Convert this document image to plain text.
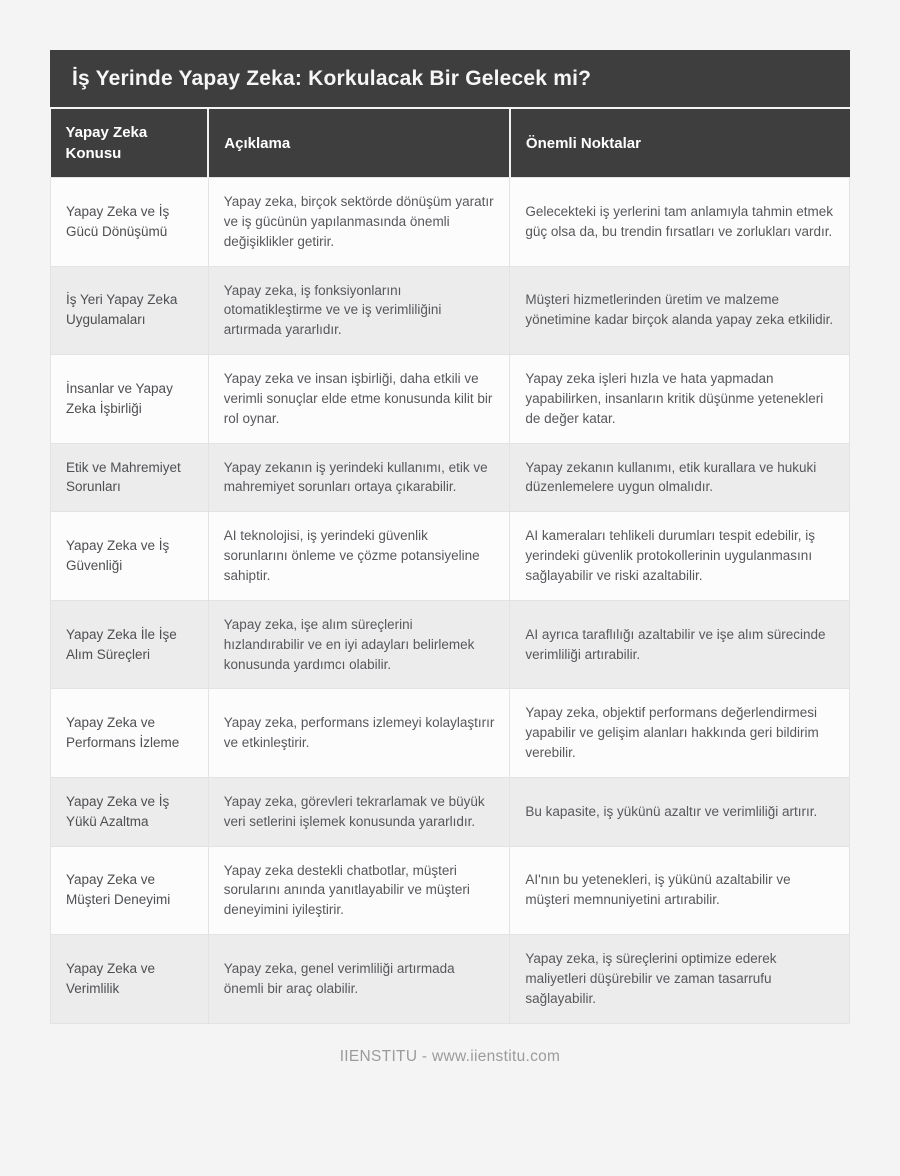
İş Yerinde Yapay Zeka: Korkulacak Bir Gelecek mi?
Yapay Zeka Konusu	Açıklama	Önemli Noktalar
Yapay Zeka ve İş Gücü Dönüşümü	Yapay zeka, birçok sektörde dönüşüm yaratır ve iş gücünün yapılanmasında önemli değişiklikler getirir.	Gelecekteki iş yerlerini tam anlamıyla tahmin etmek güç olsa da, bu trendin fırsatları ve zorlukları vardır.
İş Yeri Yapay Zeka Uygulamaları	Yapay zeka, iş fonksiyonlarını otomatikleştirme ve ve iş verimliliğini artırmada yararlıdır.	Müşteri hizmetlerinden üretim ve malzeme yönetimine kadar birçok alanda yapay zeka etkilidir.
İnsanlar ve Yapay Zeka İşbirliği	Yapay zeka ve insan işbirliği, daha etkili ve verimli sonuçlar elde etme konusunda kilit bir rol oynar.	Yapay zeka işleri hızla ve hata yapmadan yapabilirken, insanların kritik düşünme yetenekleri de değer katar.
Etik ve Mahremiyet Sorunları	Yapay zekanın iş yerindeki kullanımı, etik ve mahremiyet sorunları ortaya çıkarabilir.	Yapay zekanın kullanımı, etik kurallara ve hukuki düzenlemelere uygun olmalıdır.
Yapay Zeka ve İş Güvenliği	AI teknolojisi, iş yerindeki güvenlik sorunlarını önleme ve çözme potansiyeline sahiptir.	AI kameraları tehlikeli durumları tespit edebilir, iş yerindeki güvenlik protokollerinin uygulanmasını sağlayabilir ve riski azaltabilir.
Yapay Zeka İle İşe Alım Süreçleri	Yapay zeka, işe alım süreçlerini hızlandırabilir ve en iyi adayları belirlemek konusunda yardımcı olabilir.	AI ayrıca taraflılığı azaltabilir ve işe alım sürecinde verimliliği artırabilir.
Yapay Zeka ve Performans İzleme	Yapay zeka, performans izlemeyi kolaylaştırır ve etkinleştirir.	Yapay zeka, objektif performans değerlendirmesi yapabilir ve gelişim alanları hakkında geri bildirim verebilir.
Yapay Zeka ve İş Yükü Azaltma	Yapay zeka, görevleri tekrarlamak ve büyük veri setlerini işlemek konusunda yararlıdır.	Bu kapasite, iş yükünü azaltır ve verimliliği artırır.
Yapay Zeka ve Müşteri Deneyimi	Yapay zeka destekli chatbotlar, müşteri sorularını anında yanıtlayabilir ve müşteri deneyimini iyileştirir.	AI'nın bu yetenekleri, iş yükünü azaltabilir ve müşteri memnuniyetini artırabilir.
Yapay Zeka ve Verimlilik	Yapay zeka, genel verimliliği artırmada önemli bir araç olabilir.	Yapay zeka, iş süreçlerini optimize ederek maliyetleri düşürebilir ve zaman tasarrufu sağlayabilir.
IIENSTITU - www.iienstitu.com
